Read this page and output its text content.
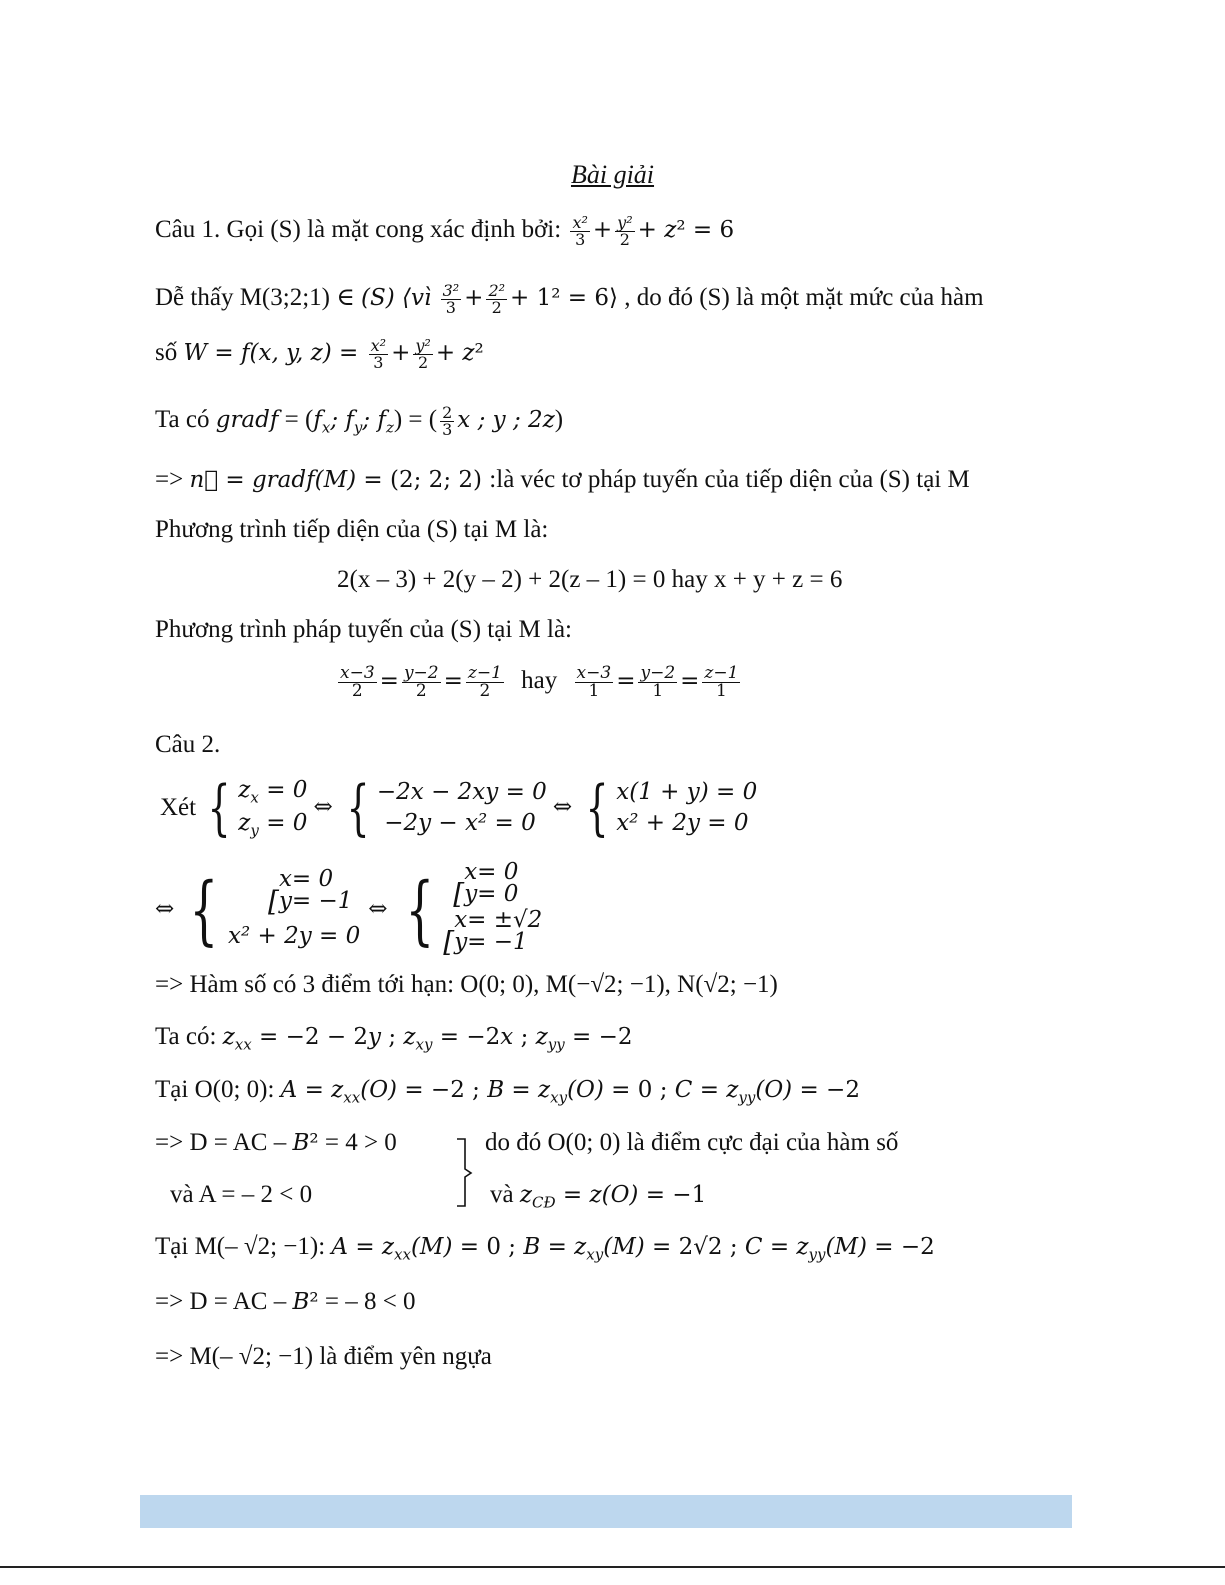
Bài giải
Câu 1. Gọi (S) là mặt cong xác định bởi: $\frac{\text{x²}}{3} + \frac{\text{y²}}{2} + z^2 = 6$
Dễ thấy M(3;2;1) ∈ (S) ⟨vì $\frac{\text{3²}}{3} + \frac{\text{2²}}{2} + 1^2$ = 6⟩ , do đó (S) là một mặt mức của hàm
số W = f(x, y, $z) = \frac{\text{x²}}{3} + \frac{\text{y²}}{2} + z^2$
Ta có gradf = ($f_x$; $f_y$; $f_z$) = ( $\frac{2}{3}$ x ; y ; 2z)
=> n⃗ = gradf(M) = (2; 2; 2) :là véc tơ pháp tuyến của tiếp diện của (S) tại M
Phương trình tiếp diện của (S) tại M là:
2(x – 3) + 2(y – 2) + 2(z – 1) = 0 hay x + y + z = 6
Phương trình pháp tuyến của (S) tại M là:
$\frac{x-3}{2} = \frac{y-2}{2} = \frac{z-1}{2}$ hay $\frac{x-3}{1} = \frac{y-2}{1} = \frac{z-1}{1}$
Câu 2.
Xét { $z_x = 0$
$z_y = 0$
⇔ { −2x − 2xy = 0
−2y − x² = 0
⇔ { x(1 + y) = 0
x² + 2y = 0
⇔ {	[
x= 0
y= −1
x² + 2y = 0
⇔ { [
x= 0
y= 0
[
x= ±√2
y= −1
=> Hàm số có 3 điểm tới hạn: O(0; 0), M(−√2; −1), N(√2; −1)
Ta có: $z_{xx} = -2 - 2y$ ; $z_{xy} = -2x$ ; $z_{yy} = -2$
Tại O(0; 0): $A = z_{xx}(O) = -2$ ; $B = z_{xy}(O) = 0$ ; $C = z_{yy}(O) = -2$
=> D = AC – B² = 4 > 0
và A = – 2 < 0
do đó O(0; 0) là điểm cực đại của hàm số
và $z_{CĐ} = z(O) = -1$
Tại M(– √2; −1): $A = z_{xx}(M) = 0$ ; $B = z_{xy}(M) = 2√2$ ; $C = z_{yy}(M) = -2$
=> D = AC – B² = – 8 < 0
=> M(– √2; −1) là điểm yên ngựa
